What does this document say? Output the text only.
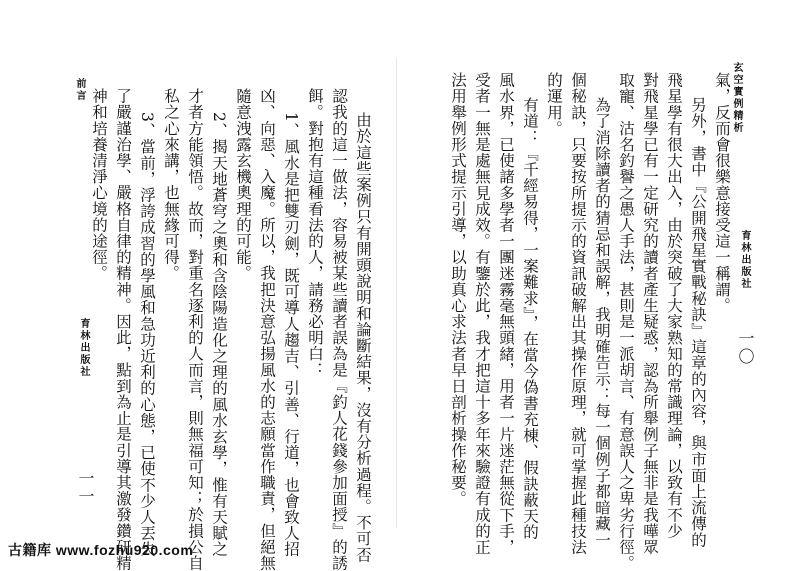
玄空實例精析
一〇
育林出版社
氣，反而會很樂意接受這一稱謂。
另外，書中『公開飛星實戰秘訣』這章的內容，與市面上流傳的
飛星學有很大出入，由於突破了大家熟知的常識理論，以致有不少
對飛星學已有一定研究的讀者產生疑惑，認為所舉例子無非是我嘩眾
取寵、沽名釣譽之愚人手法，甚則是一派胡言、有意誤人之卑劣行徑。
為了消除讀者的猜忌和誤解，我明確告示：每一個例子都暗藏一
個秘訣，只要按所提示的資訊破解出其操作原理，就可掌握此種技法
的運用。
有道：『千經易得，一案難求』，在當今偽書充棟、假訣蔽天的
風水界，已使諸多學者一團迷霧毫無頭緒，用者一片迷茫無從下手，
受者一無是處無見成效。有鑒於此，我才把這十多年來驗證有成的正
法用舉例形式提示引導，以助真心求法者早日剖析操作秘要。
前言
一一
育林出版社	由於這些案例只有開頭說明和論斷結果，沒有分析過程。不可否
認我的這一做法，容易被某些讀者誤為是『釣人花錢參加面授』的誘
餌。對抱有這種看法的人，請務必明白：
1、風水是把雙刃劍，既可導人趨吉、引善、行道，也會致人招
凶、向惡、入魔。所以，我把決意弘揚風水的志願當作職責，但絕無
隨意洩露玄機奧理的可能。
2、揭天地蒼穹之奧和含陰陽造化之理的風水玄學，惟有天賦之
才者方能領悟。故而，對重名逐利的人而言，則無福可知；於損公自
私之心來講，也無緣可得。
3、當前，浮誇成習的學風和急功近利的心態，已使不少人丟失
了嚴謹治學、嚴格自律的精神。因此，點到為止是引導其激發鑽研精
神和培養清淨心境的途徑。
古籍库 www.fozhu920.com
